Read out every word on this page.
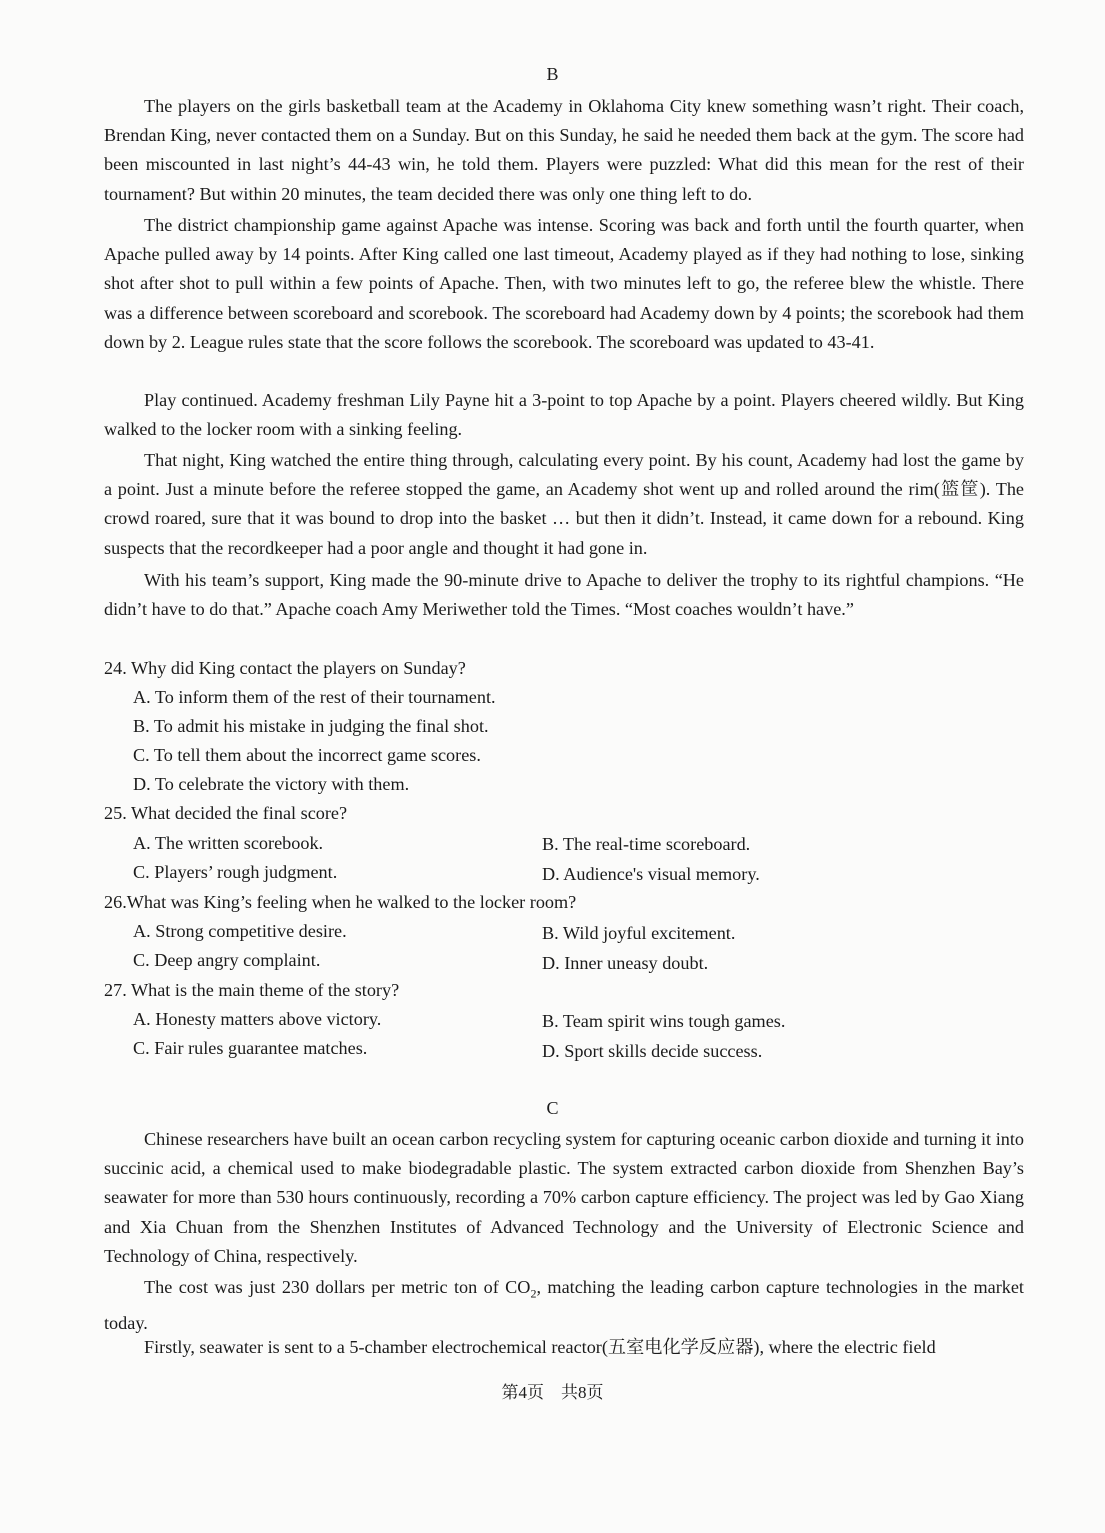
B

The players on the girls basketball team at the Academy in Oklahoma City knew something wasn’t right. Their coach, Brendan King, never contacted them on a Sunday. But on this Sunday, he said he needed them back at the gym. The score had been miscounted in last night’s 44-43 win, he told them. Players were puzzled: What did this mean for the rest of their tournament? But within 20 minutes, the team decided there was only one thing left to do.

The district championship game against Apache was intense. Scoring was back and forth until the fourth quarter, when Apache pulled away by 14 points. After King called one last timeout, Academy played as if they had nothing to lose, sinking shot after shot to pull within a few points of Apache. Then, with two minutes left to go, the referee blew the whistle. There was a difference between scoreboard and scorebook. The scoreboard had Academy down by 4 points; the scorebook had them down by 2. League rules state that the score follows the scorebook. The scoreboard was updated to 43-41.

Play continued. Academy freshman Lily Payne hit a 3-point to top Apache by a point. Players cheered wildly. But King walked to the locker room with a sinking feeling.

That night, King watched the entire thing through, calculating every point. By his count, Academy had lost the game by a point. Just a minute before the referee stopped the game, an Academy shot went up and rolled around the rim(篮筐). The crowd roared, sure that it was bound to drop into the basket … but then it didn’t. Instead, it came down for a rebound. King suspects that the recordkeeper had a poor angle and thought it had gone in.

With his team’s support, King made the 90-minute drive to Apache to deliver the trophy to its rightful champions. “He didn’t have to do that.” Apache coach Amy Meriwether told the Times. “Most coaches wouldn’t have.”

24. Why did King contact the players on Sunday?

A. To inform them of the rest of their tournament.

B. To admit his mistake in judging the final shot.

C. To tell them about the incorrect game scores.

D. To celebrate the victory with them.

25. What decided the final score?

A. The written scorebook.	B. The real-time scoreboard.

C. Players’ rough judgment.	D. Audience's visual memory.

26.What was King’s feeling when he walked to the locker room?

A. Strong competitive desire.	B. Wild joyful excitement.

C. Deep angry complaint.	D. Inner uneasy doubt.

27. What is the main theme of the story?

A. Honesty matters above victory.	B. Team spirit wins tough games.

C. Fair rules guarantee matches.	D. Sport skills decide success.

C

Chinese researchers have built an ocean carbon recycling system for capturing oceanic carbon dioxide and turning it into succinic acid, a chemical used to make biodegradable plastic. The system extracted carbon dioxide from Shenzhen Bay’s seawater for more than 530 hours continuously, recording a 70% carbon capture efficiency. The project was led by Gao Xiang and Xia Chuan from the Shenzhen Institutes of Advanced Technology and the University of Electronic Science and Technology of China, respectively.

The cost was just 230 dollars per metric ton of $CO_2$, matching the leading carbon capture technologies in the market today.

Firstly, seawater is sent to a 5-chamber electrochemical reactor(五室电化学反应器), where the electric field

第4页　共8页
